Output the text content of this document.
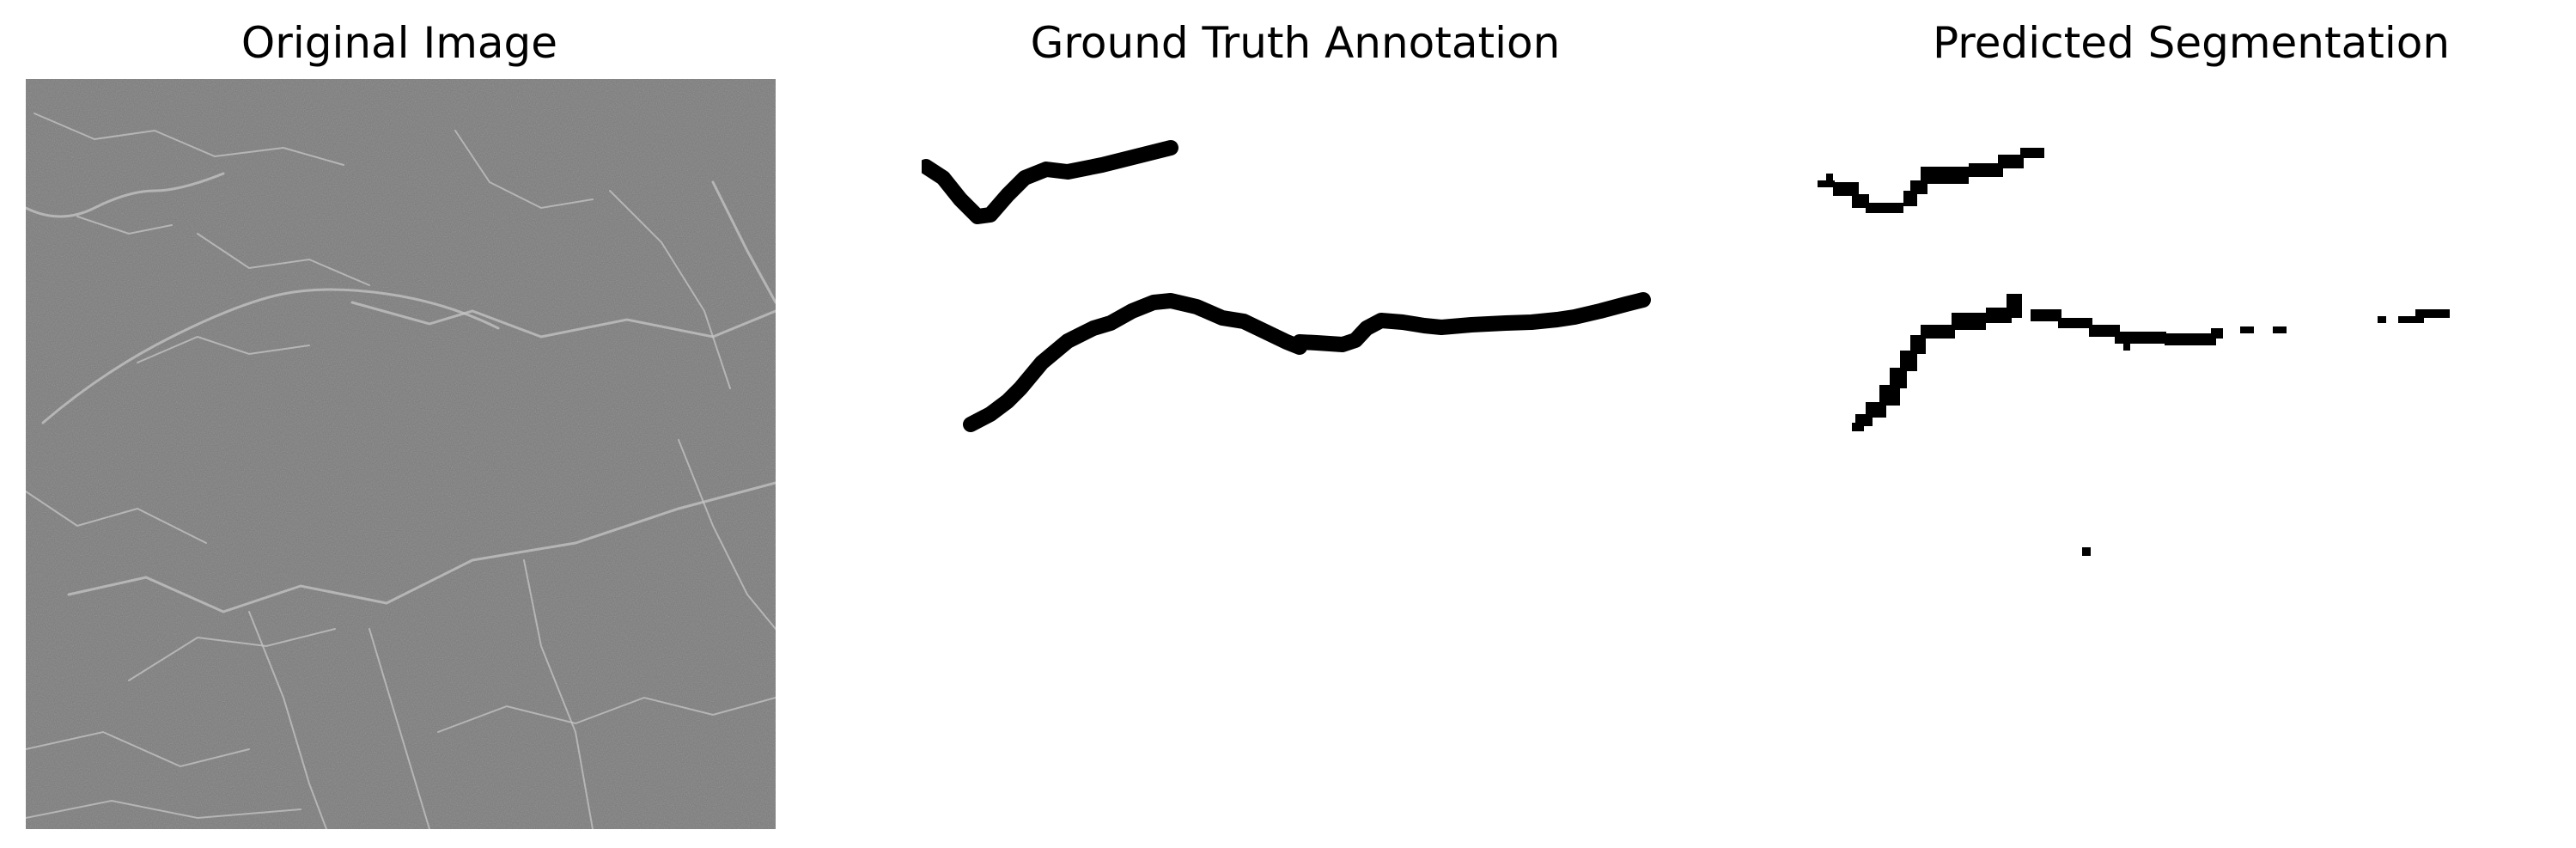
Original Image	Ground Truth Annotation	Predicted Segmentation
